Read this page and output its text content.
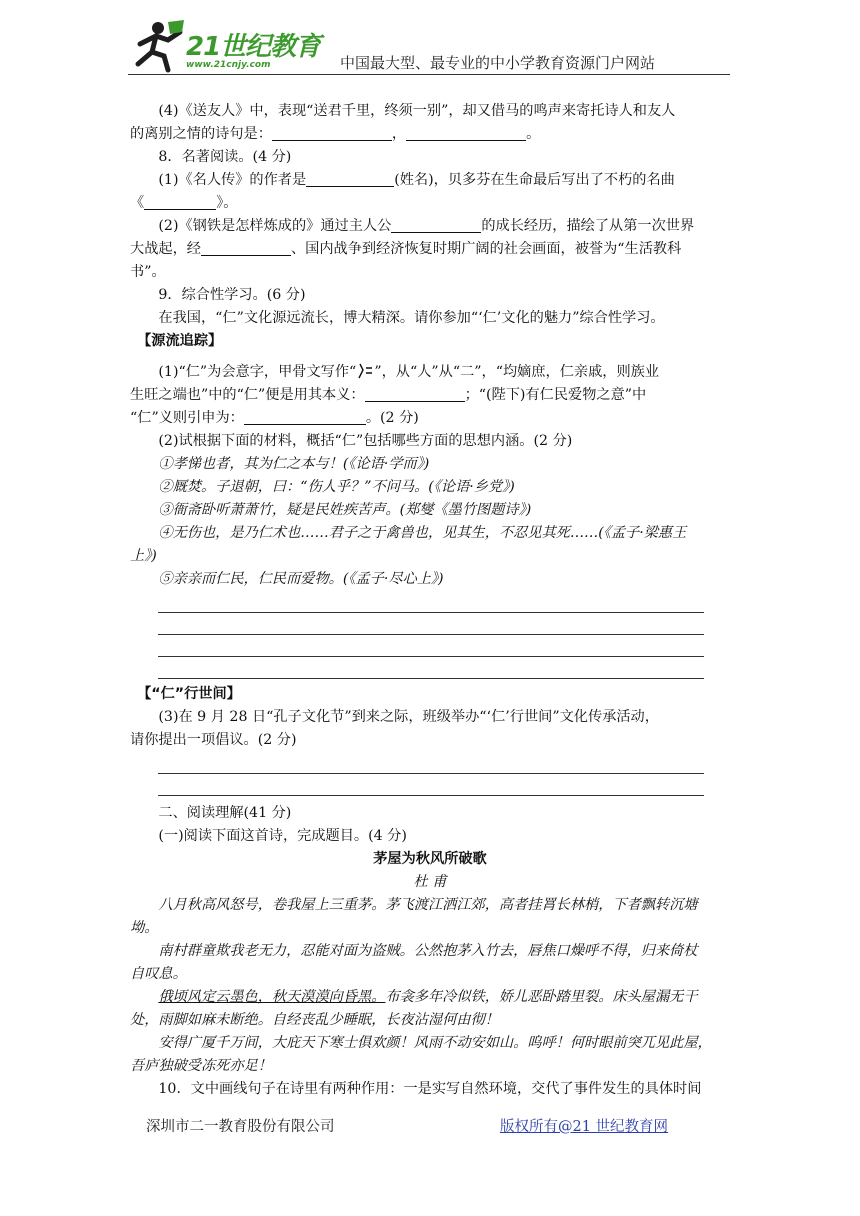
21世纪教育
www.21cnjy.com	中国最大型、最专业的中小学教育资源门户网站

(4)《送友人》中，表现“送君千里，终须一别”，却又借马的鸣声来寄托诗人和友人

的离别之情的诗句是：	，	。

8．名著阅读。(4 分)

(1)《名人传》的作者是	(姓名)，贝多芬在生命最后写出了不朽的名曲

《	》。

(2)《钢铁是怎样炼成的》通过主人公	的成长经历，描绘了从第一次世界

大战起，经	、国内战争到经济恢复时期广阔的社会画面，被誉为“生活教科

书”。

9．综合性学习。(6 分)

在我国，“仁”文化源远流长，博大精深。请你参加“‘仁’文化的魅力”综合性学习。

【源流追踪】

(1)“仁”为会意字，甲骨文写作“ ”，从“人”从“二”，“均嫡庶，仁亲戚，则族业

生旺之端也”中的“仁”便是用其本义：	；“(陛下)有仁民爱物之意”中

“仁”义则引申为：	。(2 分)

(2)试根据下面的材料，概括“仁”包括哪些方面的思想内涵。(2 分)

①孝悌也者，其为仁之本与！(《论语·学而》)

②厩焚。子退朝，曰：“伤人乎？”不问马。(《论语·乡党》)

③衙斋卧听萧萧竹，疑是民姓疾苦声。(郑燮《墨竹图题诗》)

④无伤也，是乃仁术也……君子之于禽兽也，见其生，不忍见其死……(《孟子·梁惠王

上》)

⑤亲亲而仁民，仁民而爱物。(《孟子·尽心上》)

【“仁”行世间】

(3)在 9 月 28 日“孔子文化节”到来之际，班级举办“‘仁’行世间”文化传承活动，

请你提出一项倡议。(2 分)

二、阅读理解(41 分)

(一)阅读下面这首诗，完成题目。(4 分)

茅屋为秋风所破歌

杜 甫

八月秋高风怒号，卷我屋上三重茅。茅飞渡江洒江郊，高者挂罥长林梢，下者飘转沉塘

坳。

南村群童欺我老无力，忍能对面为盗贼。公然抱茅入竹去，唇焦口燥呼不得，归来倚杖

自叹息。

俄顷风定云墨色，秋天漠漠向昏黑。布衾多年冷似铁，娇儿恶卧踏里裂。床头屋漏无干

处，雨脚如麻未断绝。自经丧乱少睡眠，长夜沾湿何由彻！

安得广厦千万间，大庇天下寒士俱欢颜！风雨不动安如山。呜呼！何时眼前突兀见此屋，

吾庐独破受冻死亦足！

10．文中画线句子在诗里有两种作用：一是实写自然环境，交代了事件发生的具体时间

深圳市二一教育股份有限公司	版权所有@21 世纪教育网
